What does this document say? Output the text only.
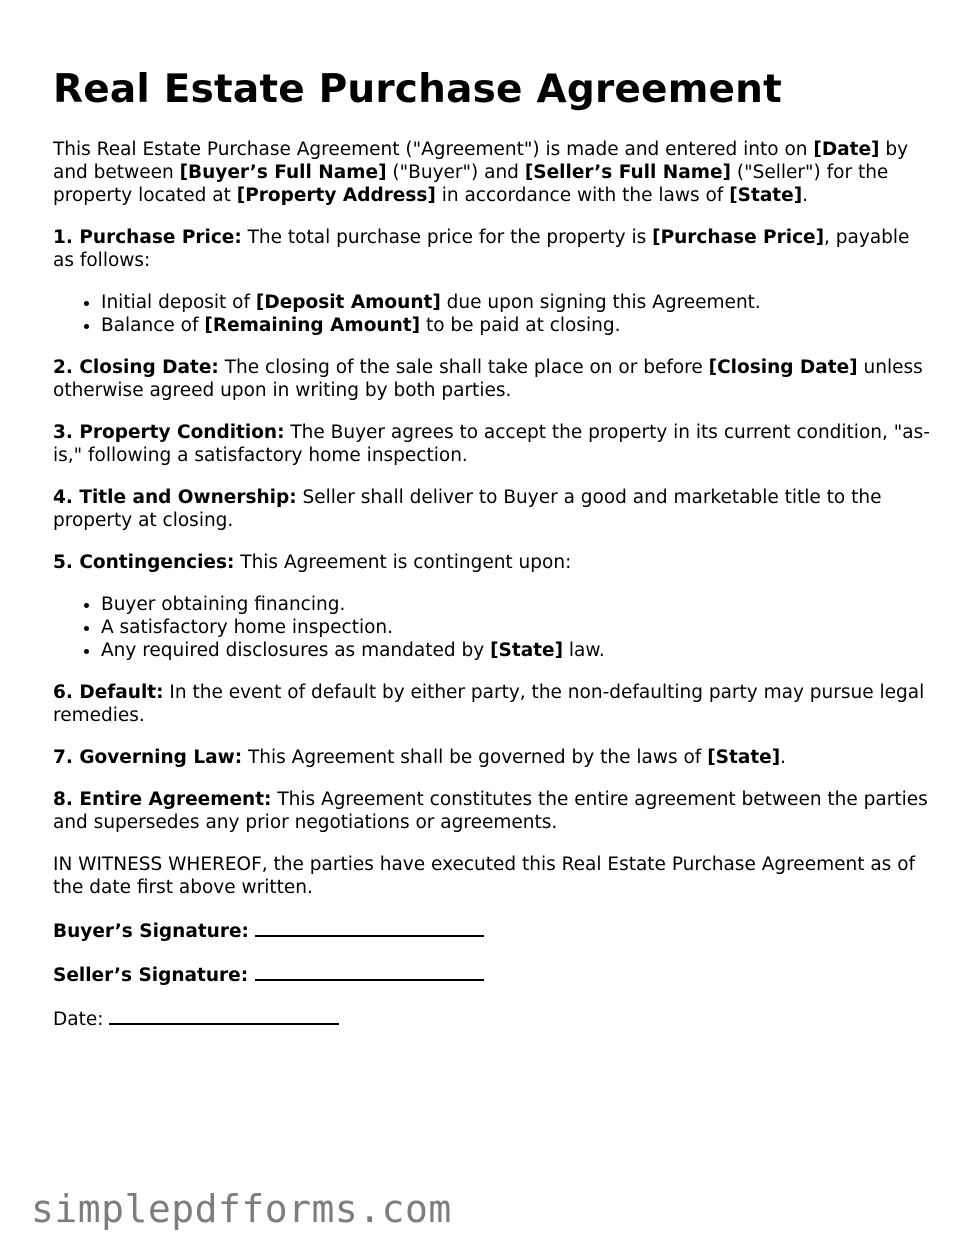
Real Estate Purchase Agreement

This Real Estate Purchase Agreement ("Agreement") is made and entered into on [Date] by and between [Buyer’s Full Name] ("Buyer") and [Seller’s Full Name] ("Seller") for the property located at [Property Address] in accordance with the laws of [State].

1. Purchase Price: The total purchase price for the property is [Purchase Price], payable as follows:

• Initial deposit of [Deposit Amount] due upon signing this Agreement.
• Balance of [Remaining Amount] to be paid at closing.

2. Closing Date: The closing of the sale shall take place on or before [Closing Date] unless otherwise agreed upon in writing by both parties.

3. Property Condition: The Buyer agrees to accept the property in its current condition, "as-is," following a satisfactory home inspection.

4. Title and Ownership: Seller shall deliver to Buyer a good and marketable title to the property at closing.

5. Contingencies: This Agreement is contingent upon:

• Buyer obtaining financing.
• A satisfactory home inspection.
• Any required disclosures as mandated by [State] law.

6. Default: In the event of default by either party, the non-defaulting party may pursue legal remedies.

7. Governing Law: This Agreement shall be governed by the laws of [State].

8. Entire Agreement: This Agreement constitutes the entire agreement between the parties and supersedes any prior negotiations or agreements.

IN WITNESS WHEREOF, the parties have executed this Real Estate Purchase Agreement as of the date first above written.

Buyer’s Signature:

Seller’s Signature:

Date:

simplepdfforms.com
